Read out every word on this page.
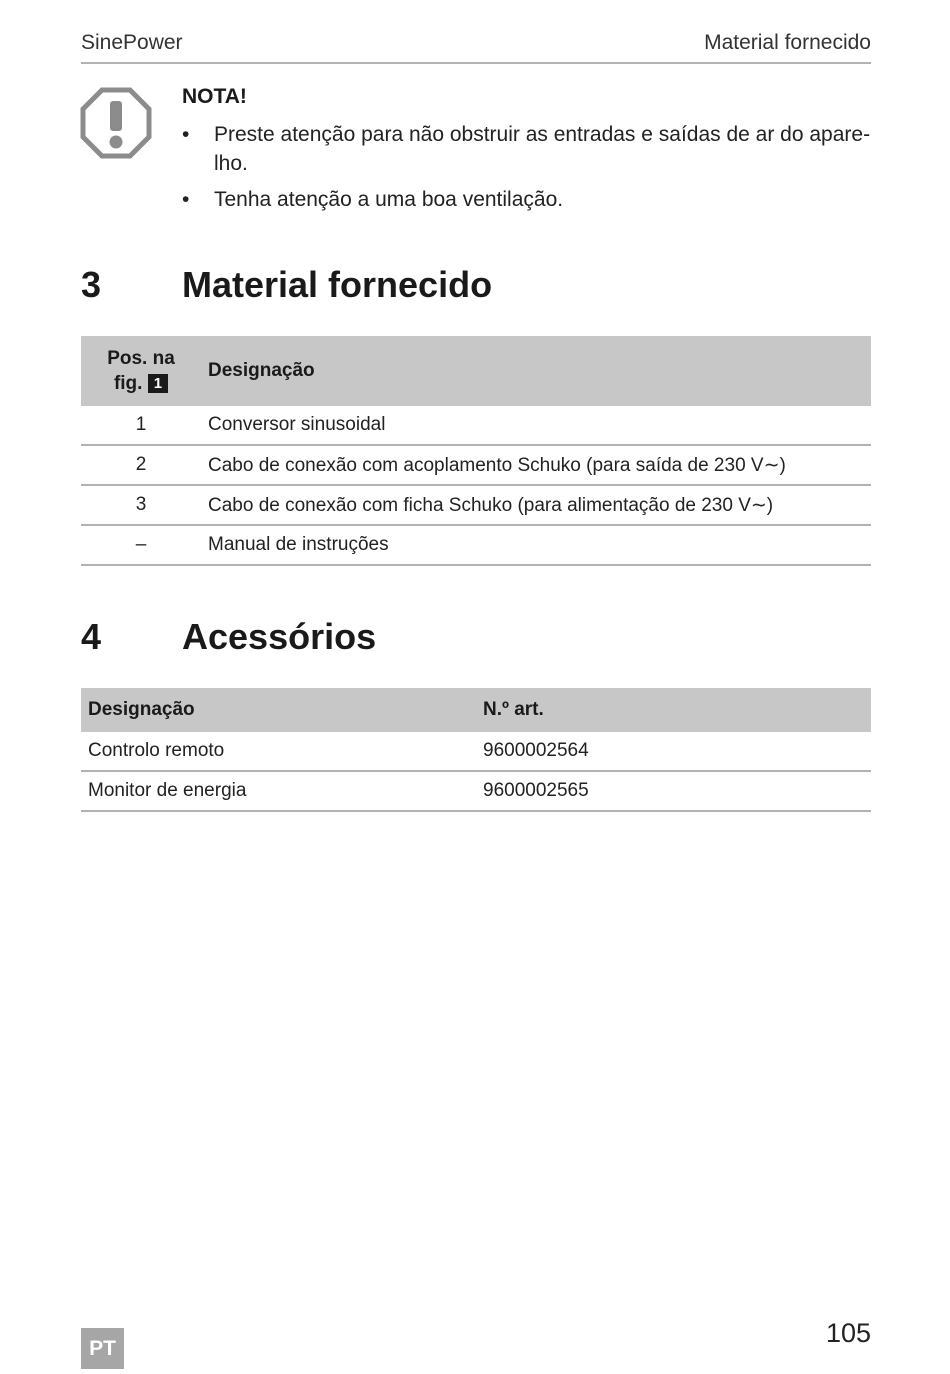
SinePower	Material fornecido
NOTA!
• Preste atenção para não obstruir as entradas e saídas de ar do apare-lho.
• Tenha atenção a uma boa ventilação.
3 Material fornecido
Pos. na
fig. 1	Designação
1	Conversor sinusoidal
2	Cabo de conexão com acoplamento Schuko (para saída de 230 V∼)
3	Cabo de conexão com ficha Schuko (para alimentação de 230 V∼)
–	Manual de instruções
4 Acessórios
Designação	N.º art.
Controlo remoto	9600002564
Monitor de energia	9600002565
105
PT
